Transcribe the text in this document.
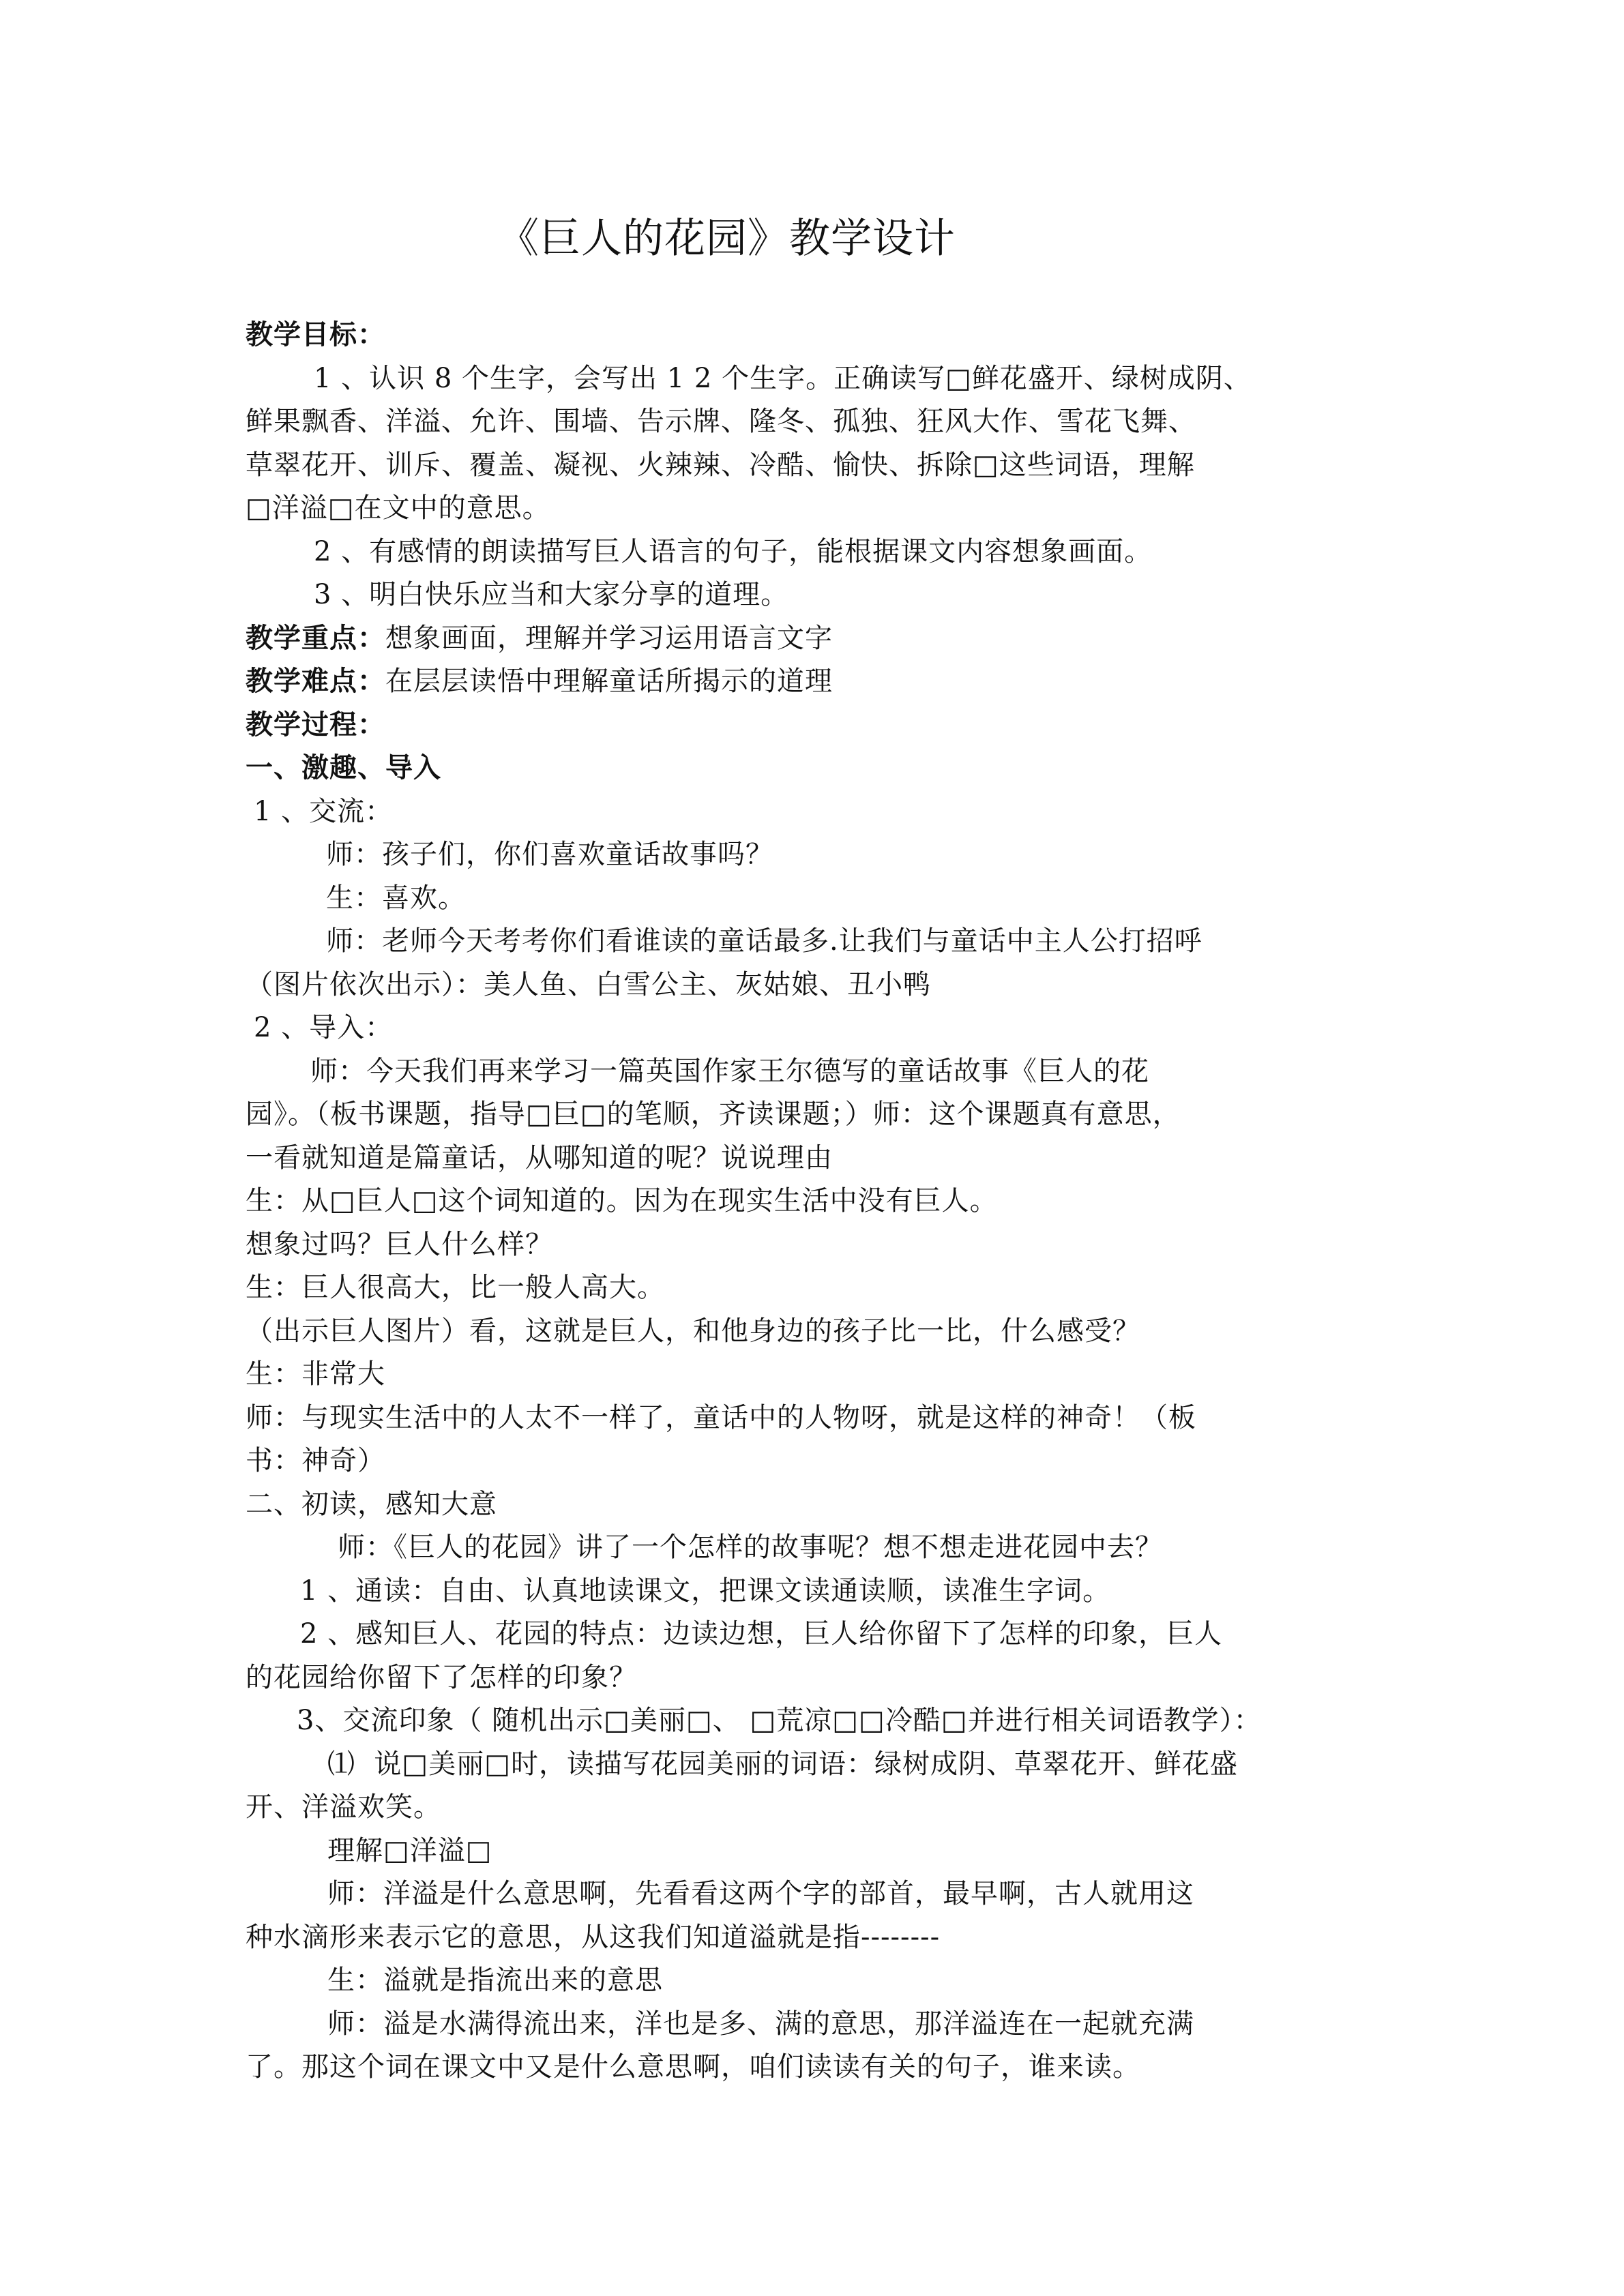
《巨人的花园》教学设计
教学目标：
1 、认识 8 个生字，会写出 1 2 个生字。正确读写□鲜花盛开、绿树成阴、
鲜果飘香、洋溢、允许、围墙、告示牌、隆冬、孤独、狂风大作、雪花飞舞、
草翠花开、训斥、覆盖、凝视、火辣辣、冷酷、愉快、拆除□这些词语，理解
□洋溢□在文中的意思。
2 、有感情的朗读描写巨人语言的句子，能根据课文内容想象画面。
3 、明白快乐应当和大家分享的道理。
教学重点：想象画面，理解并学习运用语言文字
教学难点：在层层读悟中理解童话所揭示的道理
教学过程：
一、激趣、导入
1 、交流：
师：孩子们，你们喜欢童话故事吗？
生：喜欢。
师：老师今天考考你们看谁读的童话最多.让我们与童话中主人公打招呼
（图片依次出示）：美人鱼、白雪公主、灰姑娘、丑小鸭
2 、导入：
师：今天我们再来学习一篇英国作家王尔德写的童话故事《巨人的花
园》。（板书课题，指导□巨□的笔顺，齐读课题；）师：这个课题真有意思，
一看就知道是篇童话，从哪知道的呢？说说理由
生：从□巨人□这个词知道的。因为在现实生活中没有巨人。
想象过吗？巨人什么样？
生：巨人很高大，比一般人高大。
（出示巨人图片）看，这就是巨人，和他身边的孩子比一比，什么感受？
生：非常大
师：与现实生活中的人太不一样了，童话中的人物呀，就是这样的神奇！（板
书：神奇）
二、初读，感知大意
师：《巨人的花园》讲了一个怎样的故事呢？想不想走进花园中去？
1 、通读：自由、认真地读课文，把课文读通读顺，读准生字词。
2 、感知巨人、花园的特点：边读边想，巨人给你留下了怎样的印象，巨人
的花园给你留下了怎样的印象？
3、交流印象（ 随机出示□美丽□、 □荒凉□□冷酷□并进行相关词语教学）：
⑴  说□美丽□时，读描写花园美丽的词语：绿树成阴、草翠花开、鲜花盛
开、洋溢欢笑。
理解□洋溢□
师：洋溢是什么意思啊，先看看这两个字的部首，最早啊，古人就用这
种水滴形来表示它的意思，从这我们知道溢就是指--------
生：溢就是指流出来的意思
师：溢是水满得流出来，洋也是多、满的意思，那洋溢连在一起就充满
了。那这个词在课文中又是什么意思啊，咱们读读有关的句子，谁来读。
